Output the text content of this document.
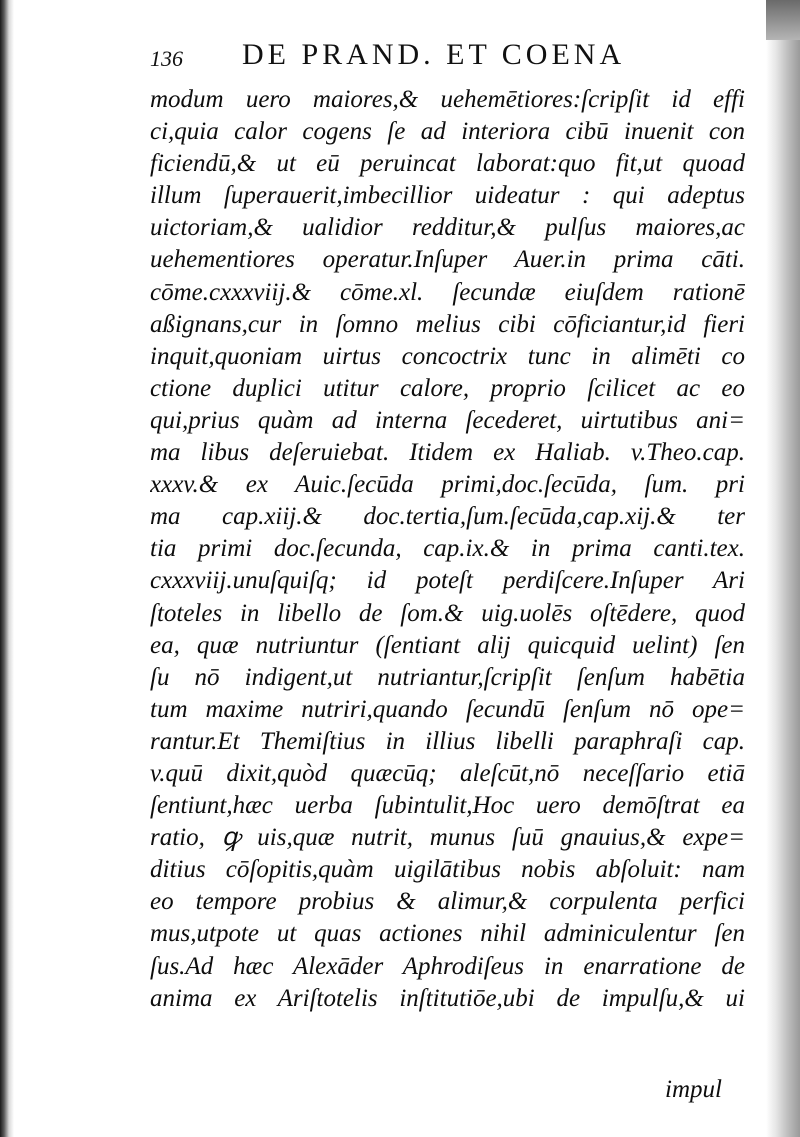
136 DE PRAND. ET COENA
modum uero maiores,& uehemētiores:ſcripſit id effi
ci,quia calor cogens ſe ad interiora cibū inuenit con
ficiendū,& ut eū peruincat laborat:quo fit,ut quoad
illum ſuperauerit,imbecillior uideatur : qui adeptus
uictoriam,& ualidior redditur,& pulſus maiores,ac
uehementiores operatur.Inſuper Auer.in prima cāti.
cōme.cxxxviij.& cōme.xl. ſecundæ eiuſdem rationē
aßignans,cur in ſomno melius cibi cōficiantur,id fieri
inquit,quoniam uirtus concoctrix tunc in alimēti co
ctione duplici utitur calore, proprio ſcilicet ac eo
qui,prius quàm ad interna ſecederet, uirtutibus ani=
ma libus deſeruiebat. Itidem ex Haliab. v.Theo.cap.
xxxv.& ex Auic.ſecūda primi,doc.ſecūda, ſum. pri
ma cap.xiij.& doc.tertia,ſum.ſecūda,cap.xij.& ter
tia primi doc.ſecunda, cap.ix.& in prima canti.tex.
cxxxviij.unuſquiſq; id poteſt perdiſcere.Inſuper Ari
ſtoteles in libello de ſom.& uig.uolēs oſtēdere, quod
ea, quæ nutriuntur (ſentiant alij quicquid uelint) ſen
ſu nō indigent,ut nutriantur,ſcripſit ſenſum habētia
tum maxime nutriri,quando ſecundū ſenſum nō ope=
rantur.Et Themiſtius in illius libelli paraphraſi cap.
v.quū dixit,quòd quæcūq; aleſcūt,nō neceſſario etiā
ſentiunt,hæc uerba ſubintulit,Hoc uero demōſtrat ea
ratio, ꝙ uis,quæ nutrit, munus ſuū gnauius,& expe=
ditius cōſopitis,quàm uigilātibus nobis abſoluit: nam
eo tempore probius & alimur,& corpulenta perfici
mus,utpote ut quas actiones nihil adminiculentur ſen
ſus.Ad hæc Alexāder Aphrodiſeus in enarratione de
anima ex Ariſtotelis inſtitutiōe,ubi de impulſu,& ui
impul
